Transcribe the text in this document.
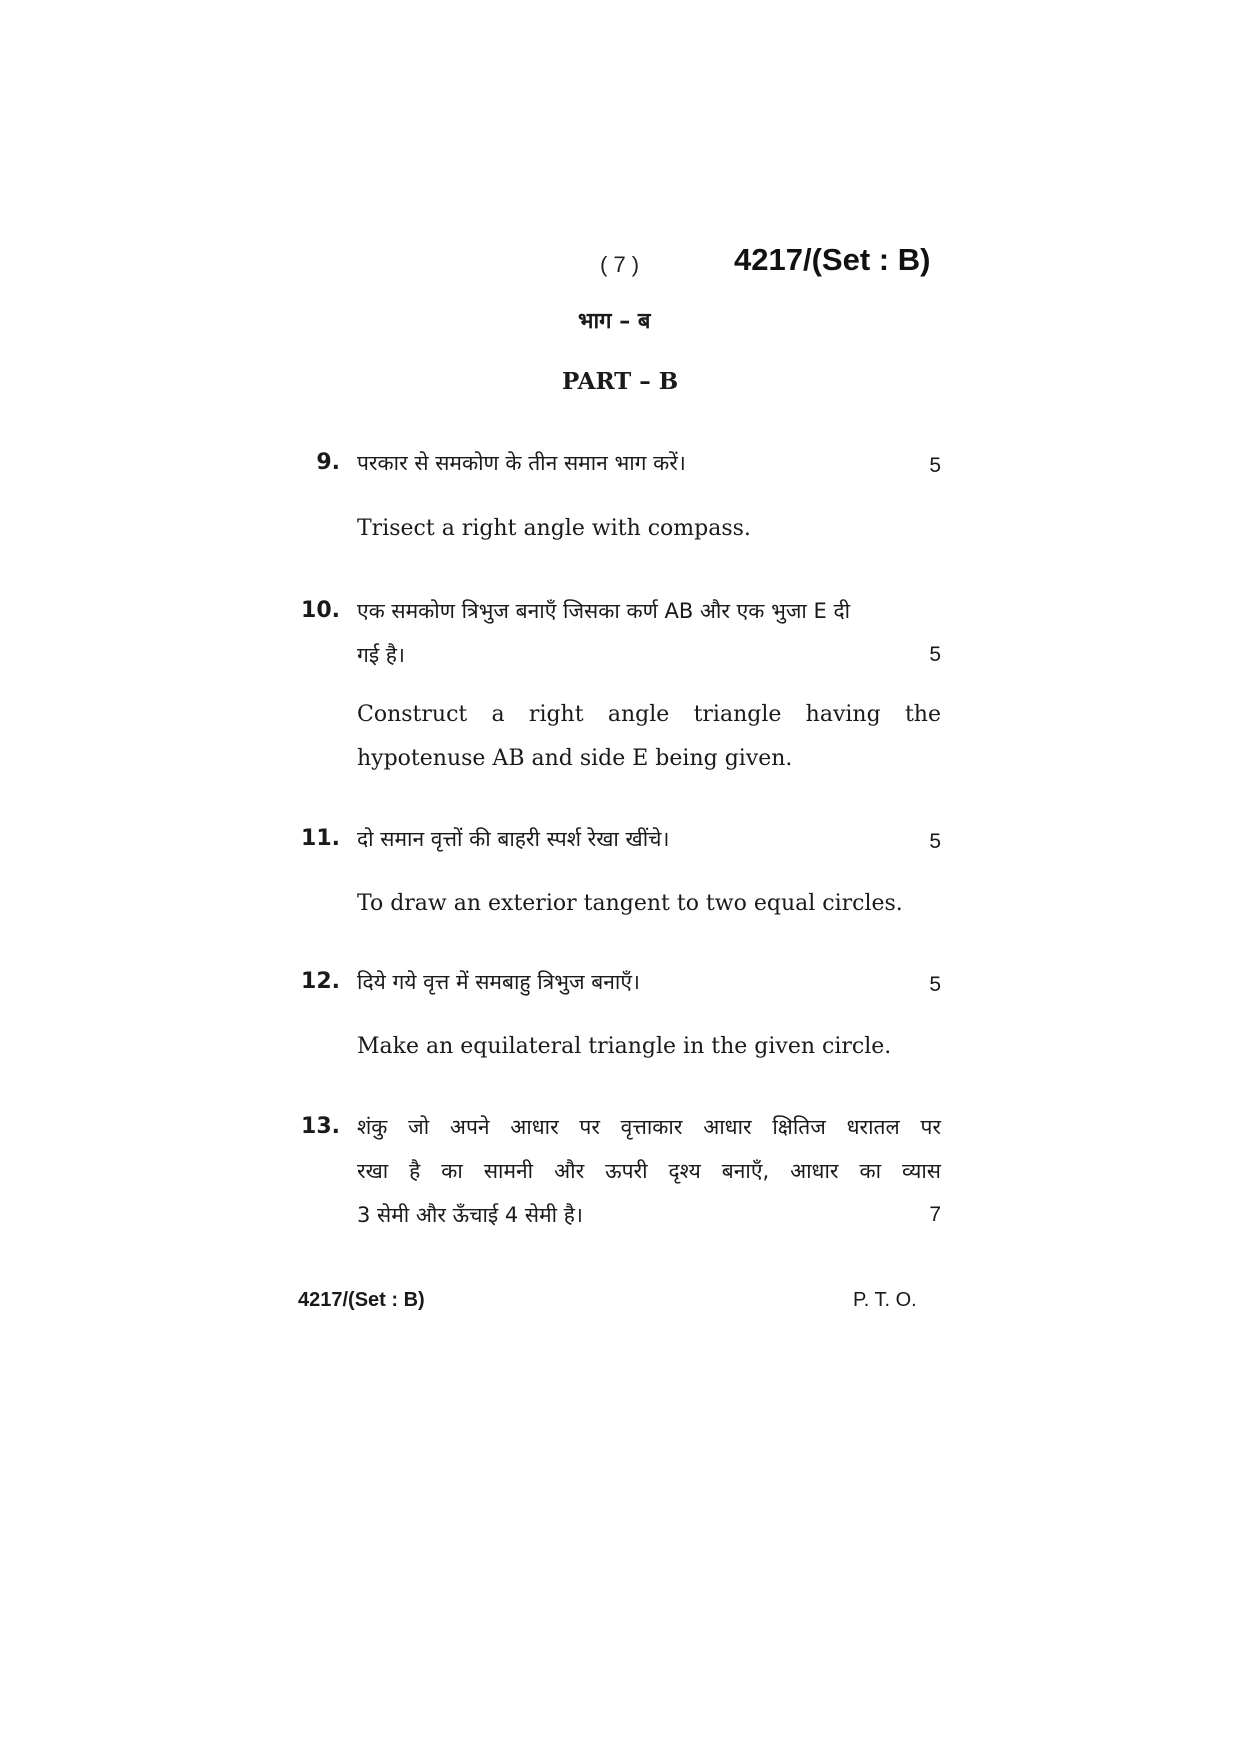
( 7 )	4217/(Set : B)
भाग – ब
PART – B
9. परकार से समकोण के तीन समान भाग करें।	5
Trisect a right angle with compass.
10. एक समकोण त्रिभुज बनाएँ जिसका कर्ण AB और एक भुजा E दी
गई है।	5
Construct a right angle triangle having the
hypotenuse AB and side E being given.
11. दो समान वृत्तों की बाहरी स्पर्श रेखा खींचे।	5
To draw an exterior tangent to two equal circles.
12. दिये गये वृत्त में समबाहु त्रिभुज बनाएँ।	5
Make an equilateral triangle in the given circle.
13. शंकु जो अपने आधार पर वृत्ताकार आधार क्षितिज धरातल पर
रखा है का सामनी और ऊपरी दृश्य बनाएँ, आधार का व्यास
3 सेमी और ऊँचाई 4 सेमी है।	7
4217/(Set : B)	P. T. O.
